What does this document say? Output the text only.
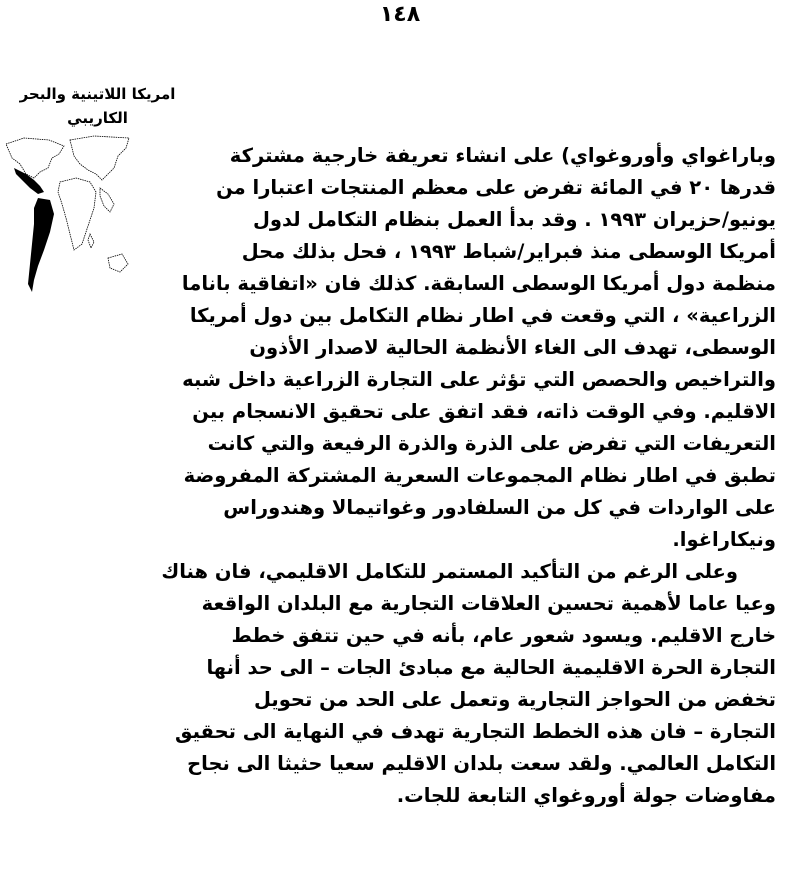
١٤٨
امريكا اللاتينية والبحر
الكاريبي
وباراغواي وأوروغواي) على انشاء تعريفة خارجية مشتركة
قدرها ٢٠ في المائة تفرض على معظم المنتجات اعتبارا من
يونيو/حزيران ١٩٩٣ . وقد بدأ العمل بنظام التكامل لدول
أمريكا الوسطى منذ فبراير/شباط ١٩٩٣ ، فحل بذلك محل
منظمة دول أمريكا الوسطى السابقة. كذلك فان «اتفاقية باناما
الزراعية» ، التي وقعت في اطار نظام التكامل بين دول أمريكا
الوسطى، تهدف الى الغاء الأنظمة الحالية لاصدار الأذون
والتراخيص والحصص التي تؤثر على التجارة الزراعية داخل شبه
الاقليم. وفي الوقت ذاته، فقد اتفق على تحقيق الانسجام بين
التعريفات التي تفرض على الذرة والذرة الرفيعة والتي كانت
تطبق في اطار نظام المجموعات السعرية المشتركة المفروضة
على الواردات في كل من السلفادور وغواتيمالا وهندوراس
ونيكاراغوا.
وعلى الرغم من التأكيد المستمر للتكامل الاقليمي، فان هناك
وعيا عاما لأهمية تحسين العلاقات التجارية مع البلدان الواقعة
خارج الاقليم. ويسود شعور عام، بأنه في حين تتفق خطط
التجارة الحرة الاقليمية الحالية مع مبادئ الجات – الى حد أنها
تخفض من الحواجز التجارية وتعمل على الحد من تحويل
التجارة – فان هذه الخطط التجارية تهدف في النهاية الى تحقيق
التكامل العالمي. ولقد سعت بلدان الاقليم سعيا حثيثا الى نجاح
مفاوضات جولة أوروغواي التابعة للجات.
